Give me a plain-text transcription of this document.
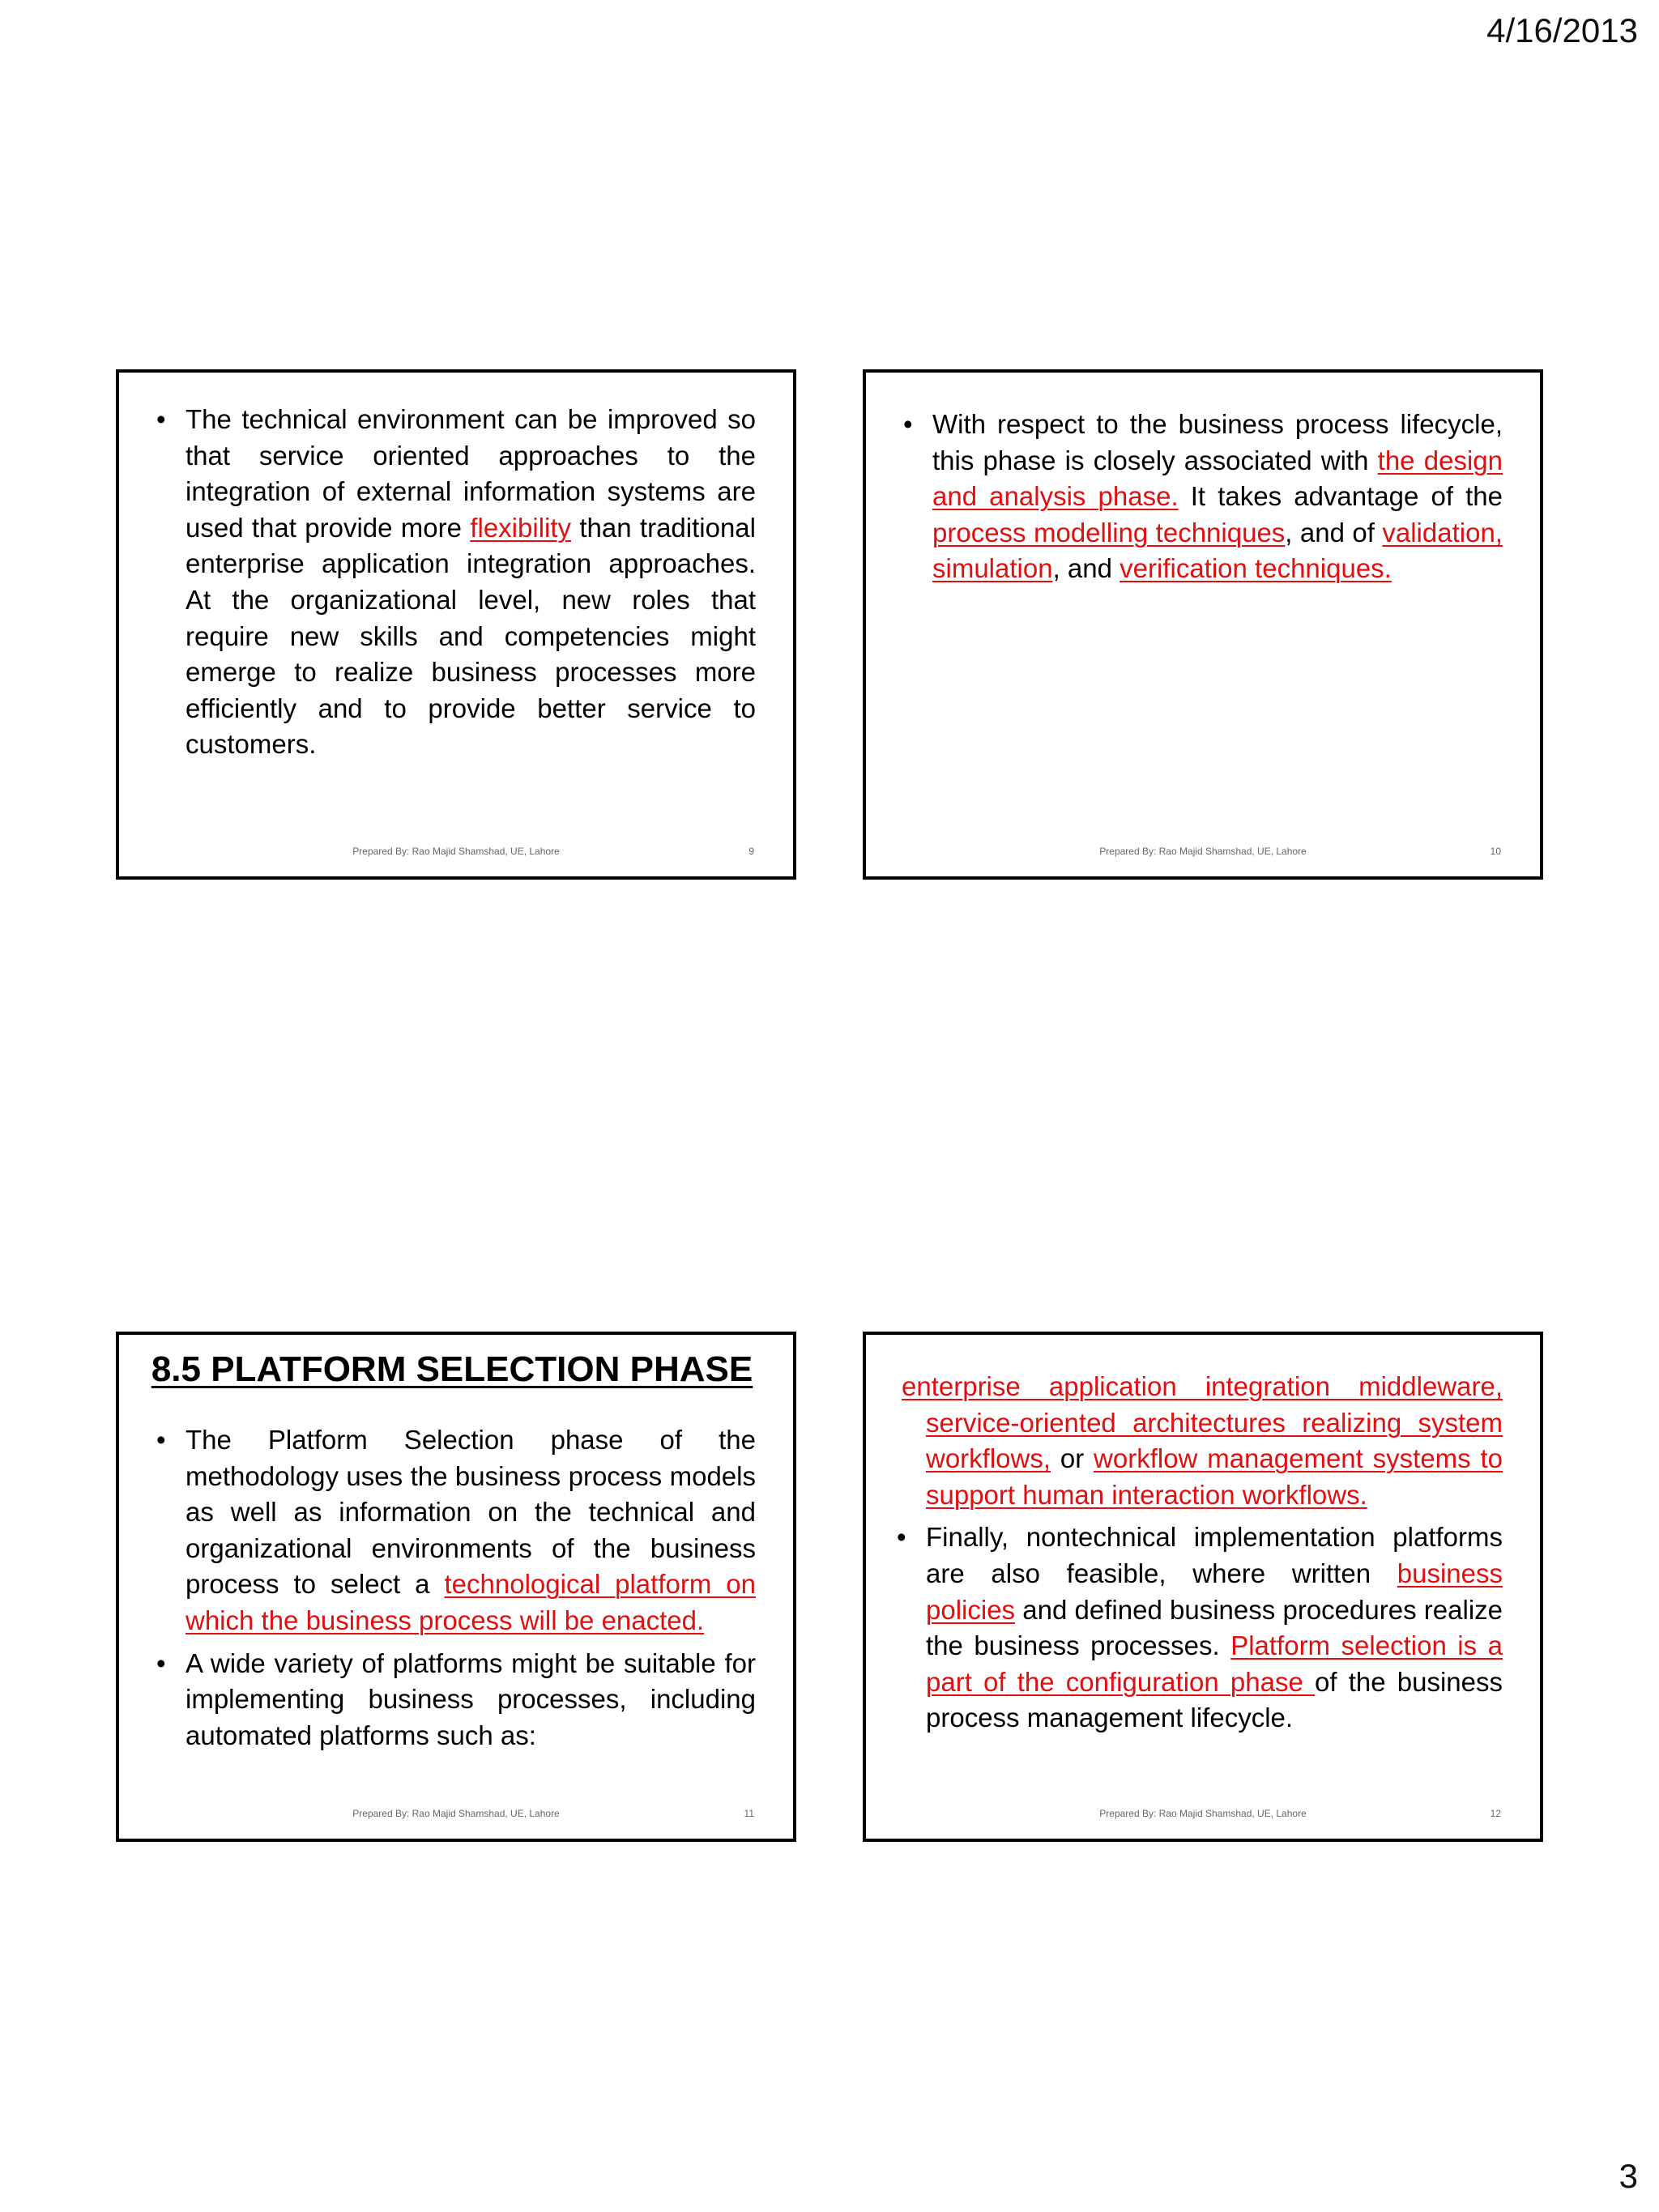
4/16/2013
• The technical environment can be improved so that service oriented approaches to the integration of external information systems are used that provide more flexibility than traditional enterprise application integration approaches. At the organizational level, new roles that require new skills and competencies might emerge to realize business processes more efficiently and to provide better service to customers.
Prepared By: Rao Majid Shamshad, UE, Lahore	9
• With respect to the business process lifecycle, this phase is closely associated with the design and analysis phase. It takes advantage of the process modelling techniques, and of validation, simulation, and verification techniques.
Prepared By: Rao Majid Shamshad, UE, Lahore	10
8.5 PLATFORM SELECTION PHASE
• The Platform Selection phase of the methodology uses the business process models as well as information on the technical and organizational environments of the business process to select a technological platform on which the business process will be enacted.
• A wide variety of platforms might be suitable for implementing business processes, including automated platforms such as:
Prepared By: Rao Majid Shamshad, UE, Lahore	11
enterprise application integration middleware, service-oriented architectures realizing system workflows, or workflow management systems to support human interaction workflows.
• Finally, nontechnical implementation platforms are also feasible, where written business policies and defined business procedures realize the business processes. Platform selection is a part of the configuration phase of the business process management lifecycle.
Prepared By: Rao Majid Shamshad, UE, Lahore	12
3
